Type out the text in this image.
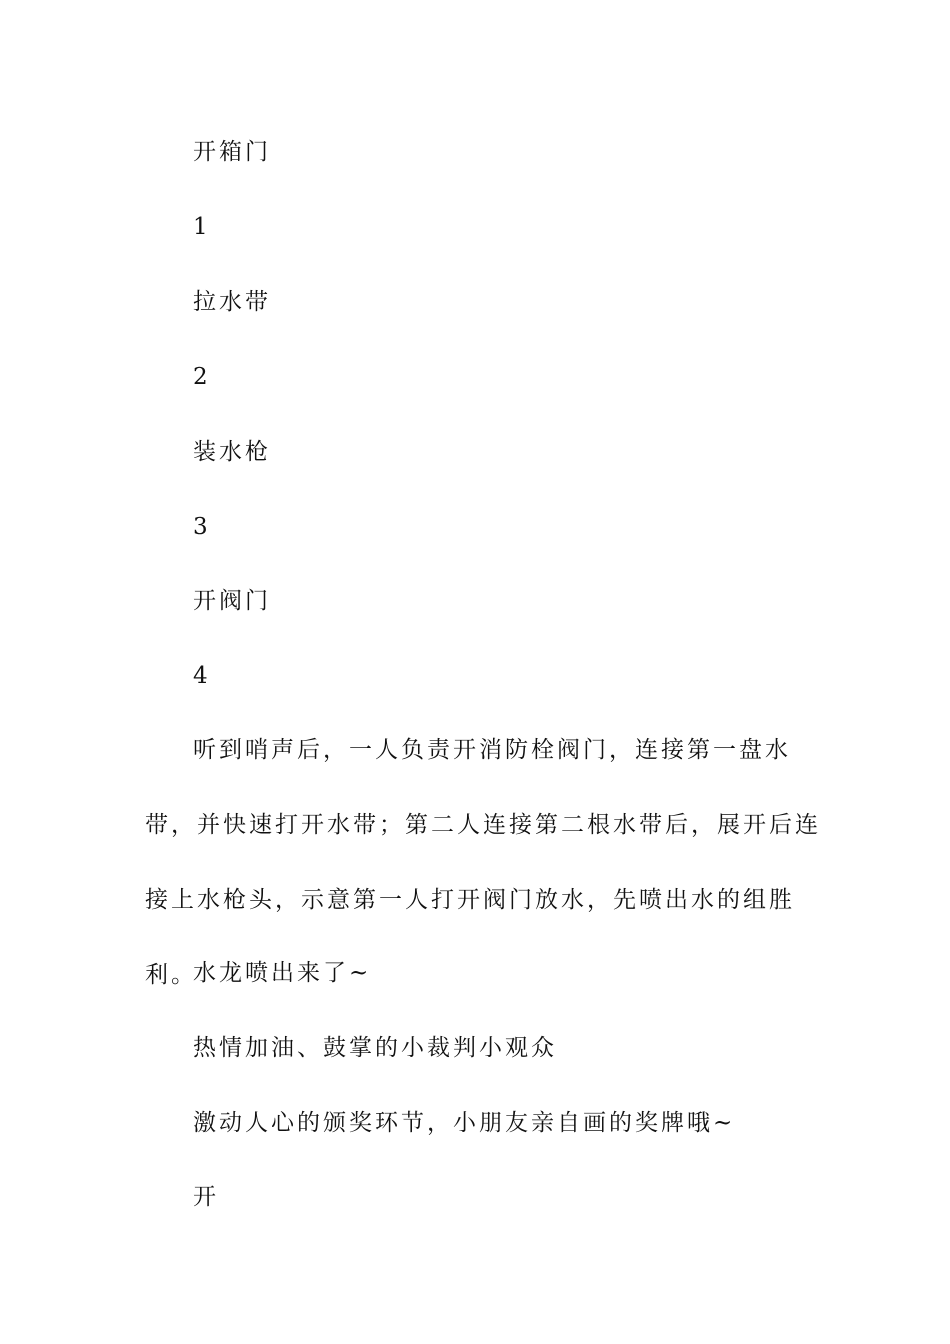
开箱门
1
拉水带
2
装水枪
3
开阀门
4
听到哨声后，一人负责开消防栓阀门，连接第一盘水带，并快速打开水带；第二人连接第二根水带后，展开后连接上水枪头，示意第一人打开阀门放水，先喷出水的组胜利。
水龙喷出来了~
热情加油、鼓掌的小裁判小观众
激动人心的颁奖环节，小朋友亲自画的奖牌哦~
开
